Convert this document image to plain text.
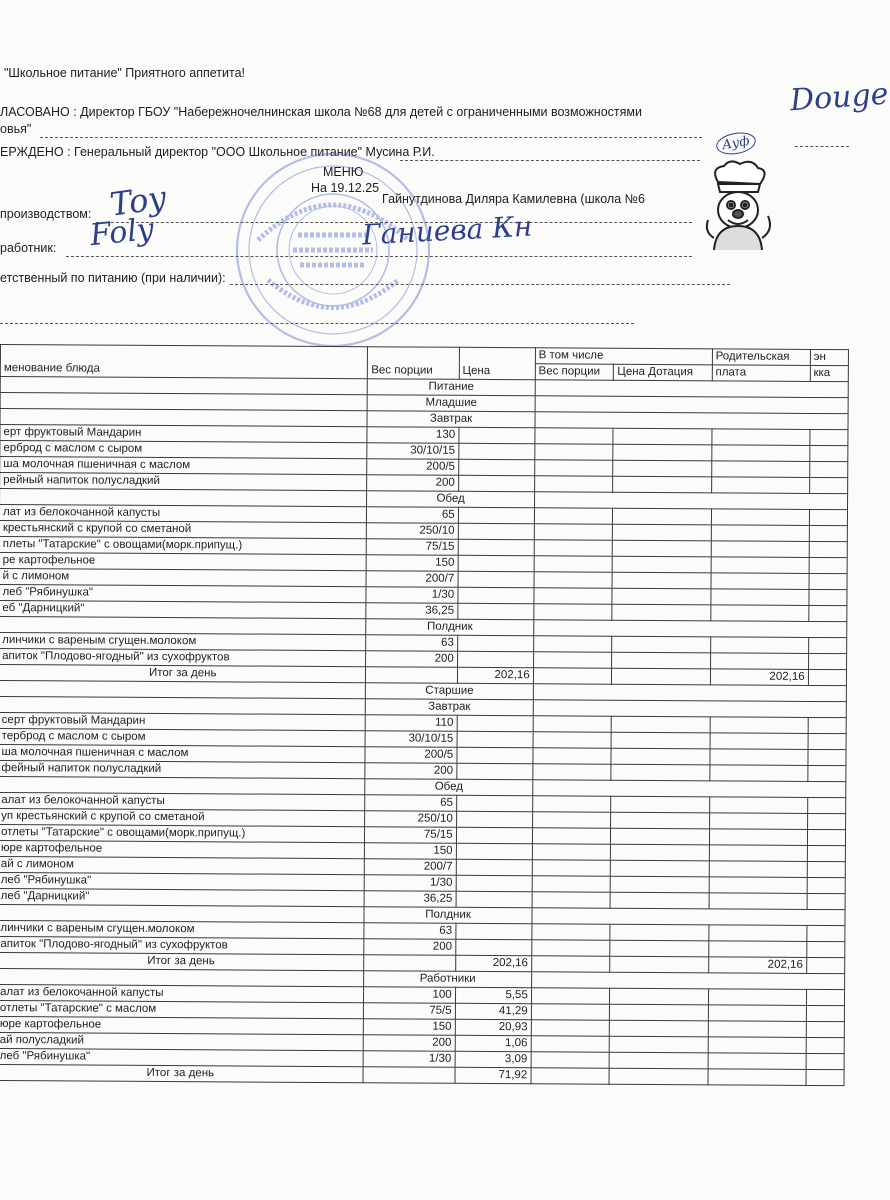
"Школьное питание" Приятного аппетита!
ЛАСОВАНО : Директор ГБОУ "Набережночелнинская школа №68 для детей с ограниченными возможностями
овья"
ЕРЖДЕНО : Генеральный директор "ООО Школьное питание" Мусина Р.И.
МЕНЮ
На 19.12.25
производством:
Гайнутдинова Диляра Камилевна (школа №6
работник:
етственный по питанию (при наличии):
Douge
Toy
Foly	Ганиева Кн
Ауф
менование блюда	Вес порции	Цена	В том числе		Родительская	эн
			Вес порции	Цена Дотация	плата	кка
	Питание					
	Младшие					
	Завтрак					
ерт фруктовый Мандарин	130					
ерброд с маслом с сыром	30/10/15					
ша молочная пшеничная с маслом	200/5					
рейный напиток полусладкий	200					
	Обед					
лат из белокочанной капусты	65					
крестьянский с крупой со сметаной	250/10					
плеты "Татарские" с овощами(морк.припущ.)	75/15					
ре картофельное	150					
й с лимоном	200/7					
леб "Рябинушка"	1/30					
еб "Дарницкий"	36,25					
	Полдник					
линчики с вареным сгущен.молоком	63					
апиток "Плодово-ягодный" из сухофруктов	200					
Итог за день		202,16			202,16	
	Старшие					
	Завтрак					
серт фруктовый Мандарин	110					
терброд с маслом с сыром	30/10/15					
ша молочная пшеничная с маслом	200/5					
фейный напиток полусладкий	200					
	Обед					
алат из белокочанной капусты	65					
уп крестьянский с крупой со сметаной	250/10					
отлеты "Татарские" с овощами(морк.припущ.)	75/15					
юре картофельное	150					
ай с лимоном	200/7					
леб "Рябинушка"	1/30					
леб "Дарницкий"	36,25					
	Полдник					
линчики с вареным сгущен.молоком	63					
апиток "Плодово-ягодный" из сухофруктов	200					
Итог за день		202,16			202,16	
	Работники					
алат из белокочанной капусты	100	5,55				
отлеты "Татарские" с маслом	75/5	41,29				
юре картофельное	150	20,93				
ай полусладкий	200	1,06				
леб "Рябинушка"	1/30	3,09				
Итог за день		71,92				
